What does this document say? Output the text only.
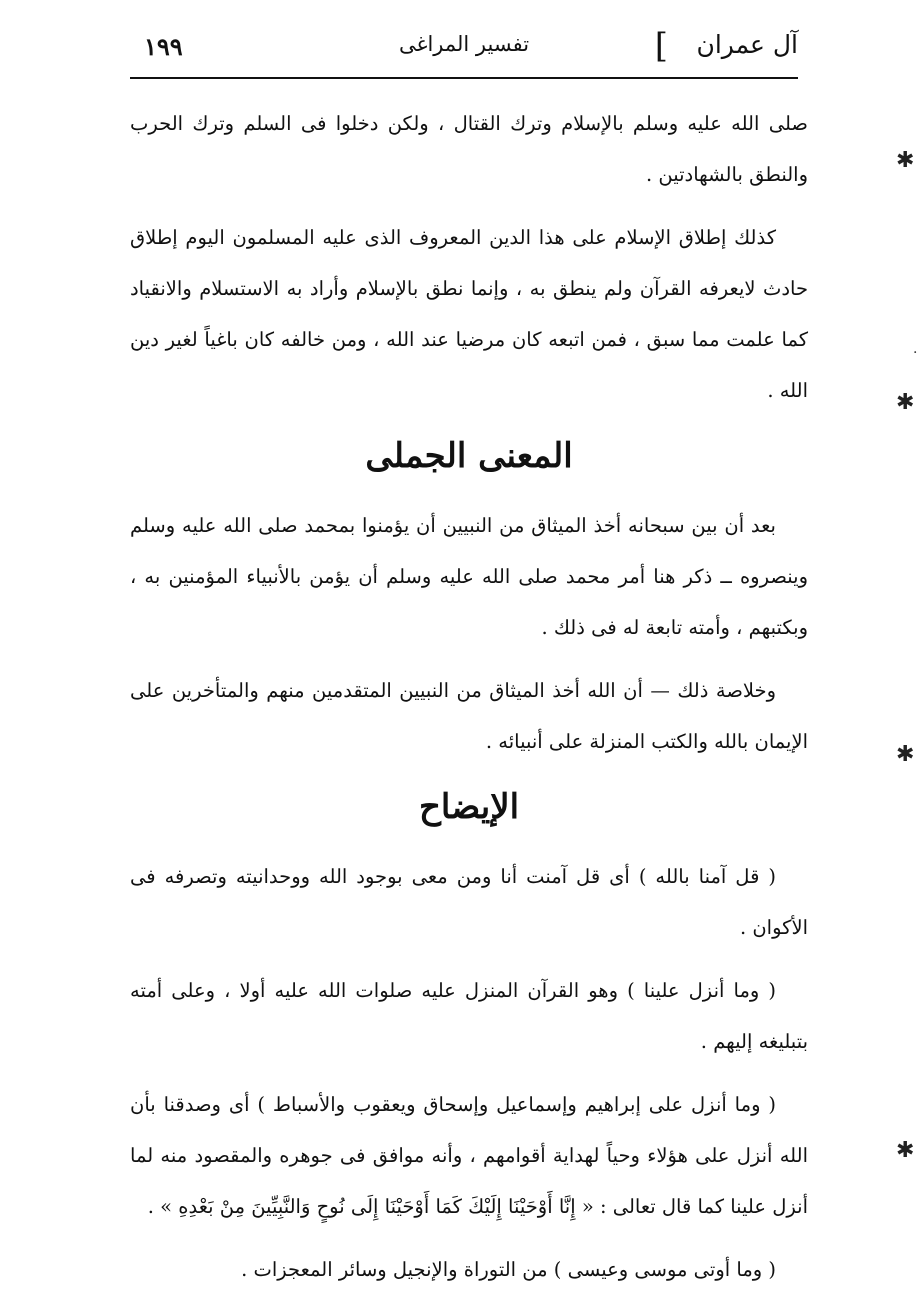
آل عمران
]
تفسير المراغى
١٩٩

صلى الله عليه وسلم بالإسلام وترك القتال ، ولكن دخلوا فى السلم وترك الحرب والنطق بالشهادتين .

كذلك إطلاق الإسلام على هذا الدين المعروف الذى عليه المسلمون اليوم إطلاق حادث لايعرفه القرآن ولم ينطق به ، وإنما نطق بالإسلام وأراد به الاستسلام والانقياد كما علمت مما سبق ، فمن اتبعه كان مرضيا عند الله ، ومن خالفه كان باغياً لغير دين الله .

المعنى الجملى

بعد أن بين سبحانه أخذ الميثاق من النبيين أن يؤمنوا بمحمد صلى الله عليه وسلم وينصروه ــ ذكر هنا أمر محمد صلى الله عليه وسلم أن يؤمن بالأنبياء المؤمنين به ، وبكتبهم ، وأمته تابعة له فى ذلك .

وخلاصة ذلك — أن الله أخذ الميثاق من النبيين المتقدمين منهم والمتأخرين على الإيمان بالله والكتب المنزلة على أنبيائه .

الإيضاح

( قل آمنا بالله ) أى قل آمنت أنا ومن معى بوجود الله ووحدانيته وتصرفه فى الأكوان .

( وما أنزل علينا ) وهو القرآن المنزل عليه صلوات الله عليه أولا ، وعلى أمته بتبليغه إليهم .

( وما أنزل على إبراهيم وإسماعيل وإسحاق ويعقوب والأسباط ) أى وصدقنا بأن الله أنزل على هؤلاء وحياً لهداية أقوامهم ، وأنه موافق فى جوهره والمقصود منه لما أنزل علينا كما قال تعالى : « إِنَّا أَوْحَيْنَا إِلَيْكَ كَمَا أَوْحَيْنَا إِلَى نُوحٍ وَالنَّبِيِّينَ مِنْ بَعْدِهِ » .

( وما أوتى موسى وعيسى ) من التوراة والإنجيل وسائر المعجزات .

✱
·
✱
✱
✱
